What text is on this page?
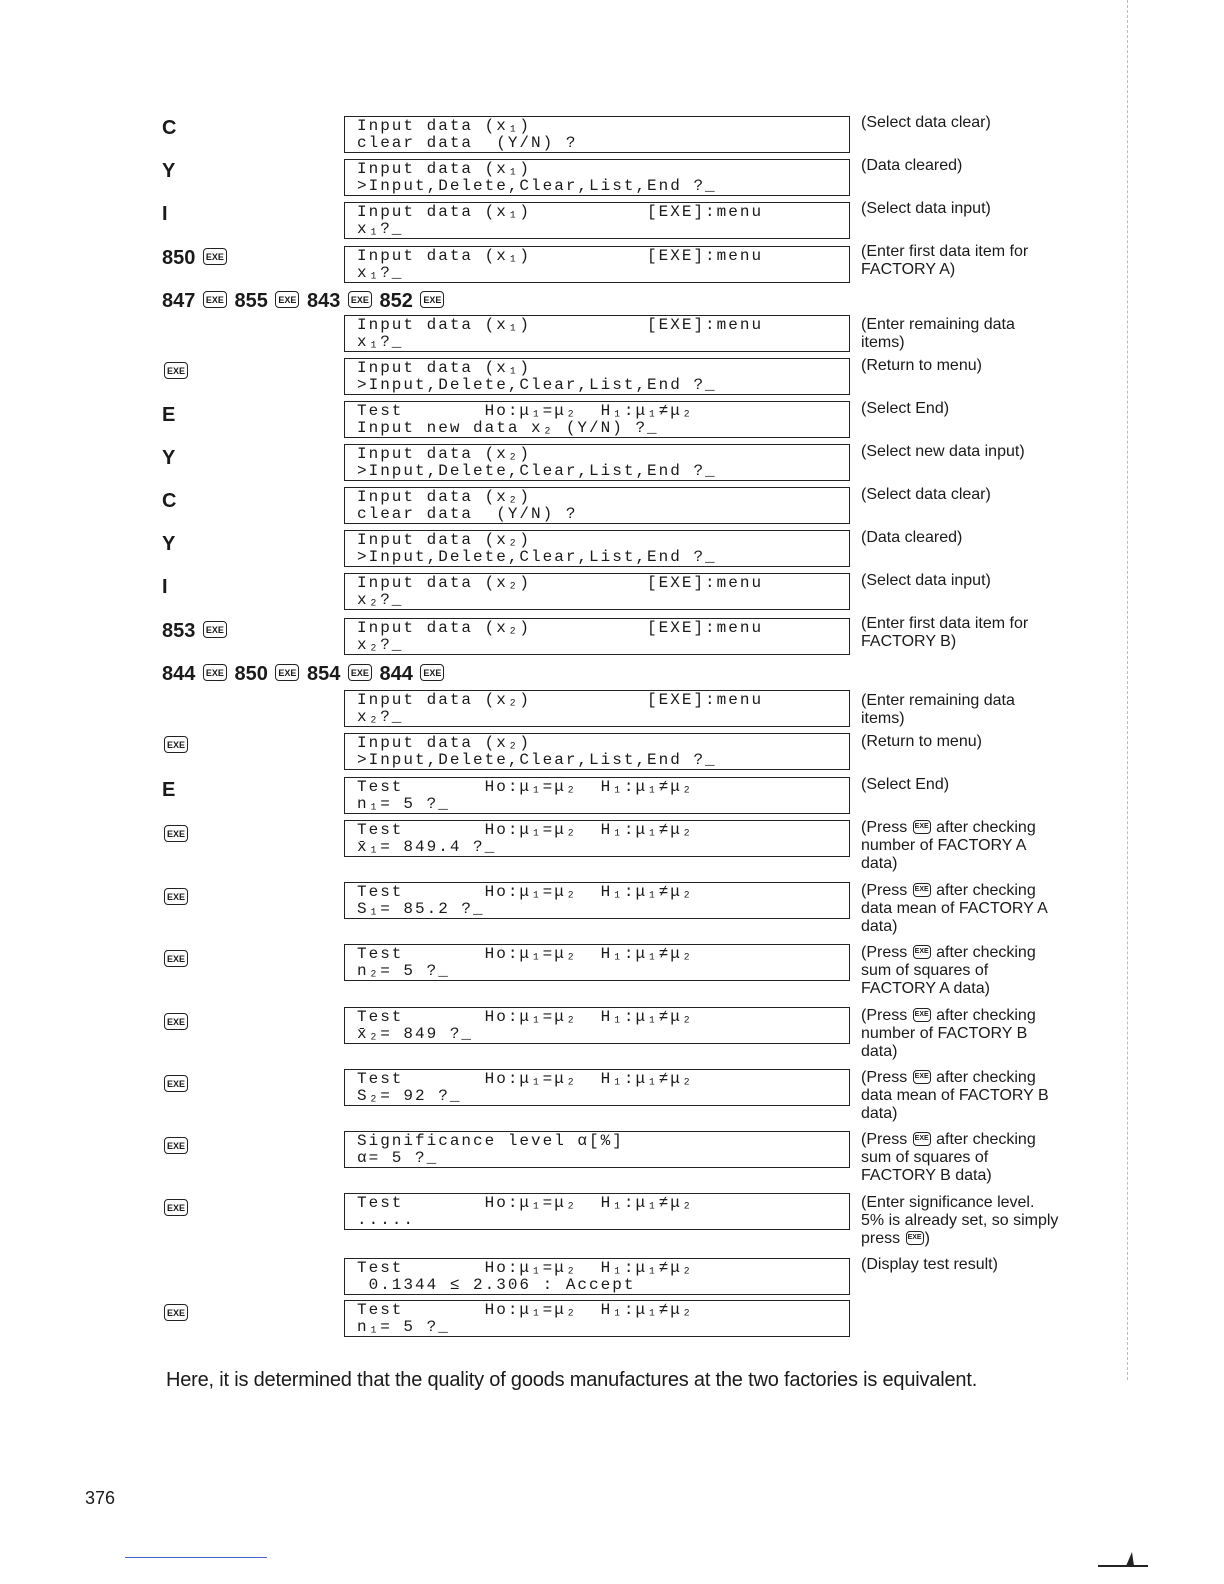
C	Input data (x₁)
clear data  (Y/N) ?
(Select data clear)
Y	Input data (x₁)
>Input,Delete,Clear,List,End ?_
(Data cleared)
I	Input data (x₁)          [EXE]:menu
x₁?_
(Select data input)
850 EXE	Input data (x₁)          [EXE]:menu
x₁?_
(Enter first data item for FACTORY A)
847 EXE 855 EXE 843 EXE 852 EXE
Input data (x₁)          [EXE]:menu
x₁?_
(Enter remaining data items)
EXE	Input data (x₁)
>Input,Delete,Clear,List,End ?_
(Return to menu)
E	Test       Ho:μ₁=μ₂  H₁:μ₁≠μ₂
Input new data x₂ (Y/N) ?_
(Select End)
Y	Input data (x₂)
>Input,Delete,Clear,List,End ?_
(Select new data input)
C	Input data (x₂)
clear data  (Y/N) ?
(Select data clear)
Y	Input data (x₂)
>Input,Delete,Clear,List,End ?_
(Data cleared)
I	Input data (x₂)          [EXE]:menu
x₂?_
(Select data input)
853 EXE	Input data (x₂)          [EXE]:menu
x₂?_
(Enter first data item for FACTORY B)
844 EXE 850 EXE 854 EXE 844 EXE
Input data (x₂)          [EXE]:menu
x₂?_
(Enter remaining data items)
EXE	Input data (x₂)
>Input,Delete,Clear,List,End ?_
(Return to menu)
E	Test       Ho:μ₁=μ₂  H₁:μ₁≠μ₂
n₁= 5 ?_
(Select End)
EXE	Test       Ho:μ₁=μ₂  H₁:μ₁≠μ₂
x̄₁= 849.4 ?_
(Press EXE after checking number of FACTORY A data)
EXE	Test       Ho:μ₁=μ₂  H₁:μ₁≠μ₂
S₁= 85.2 ?_
(Press EXE after checking data mean of FACTORY A data)
EXE	Test       Ho:μ₁=μ₂  H₁:μ₁≠μ₂
n₂= 5 ?_
(Press EXE after checking sum of squares of FACTORY A data)
EXE	Test       Ho:μ₁=μ₂  H₁:μ₁≠μ₂
x̄₂= 849 ?_
(Press EXE after checking number of FACTORY B data)
EXE	Test       Ho:μ₁=μ₂  H₁:μ₁≠μ₂
S₂= 92 ?_
(Press EXE after checking data mean of FACTORY B data)
EXE	Significance level α[%]
α= 5 ?_
(Press EXE after checking sum of squares of FACTORY B data)
EXE	Test       Ho:μ₁=μ₂  H₁:μ₁≠μ₂
.....
(Enter significance level. 5% is already set, so simply press EXE )
Test       Ho:μ₁=μ₂  H₁:μ₁≠μ₂
0.1344 ≤ 2.306 : Accept
(Display test result)
EXE	Test       Ho:μ₁=μ₂  H₁:μ₁≠μ₂
n₁= 5 ?_
Here, it is determined that the quality of goods manufactures at the two factories is equivalent.
376
